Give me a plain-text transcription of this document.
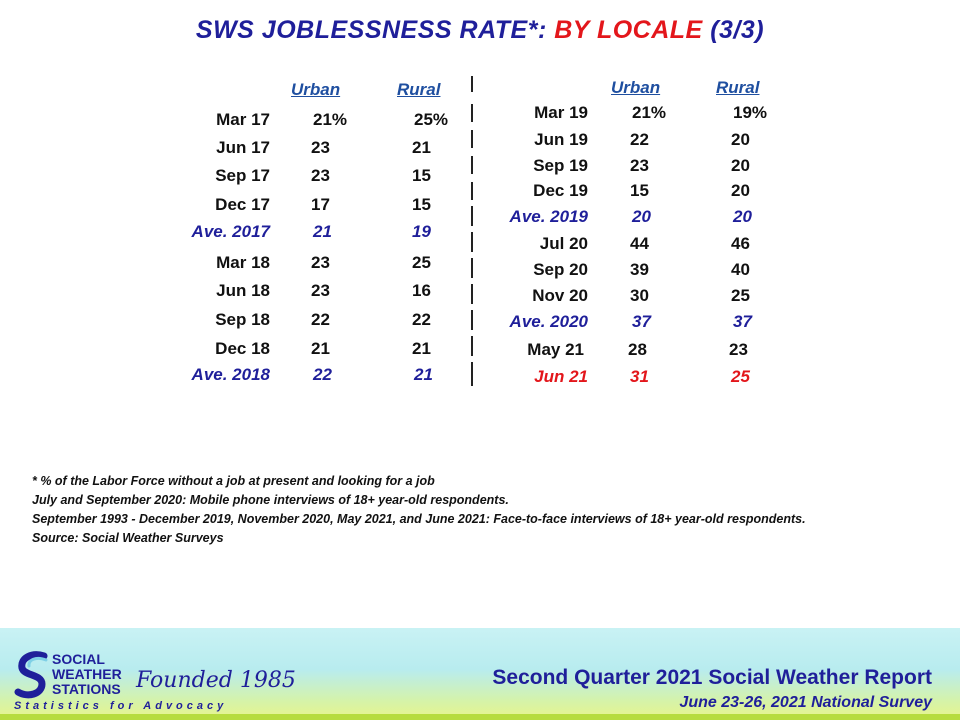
SWS JOBLESSNESS RATE*: BY LOCALE (3/3)
Urban	Rural	Urban	Rural
Mar 17	21%	25%
Jun 17 23	21
Sep 17 23	15
Dec 17 17	15
Ave. 2017	21	19
Mar 18 23	25
Jun 18 23	16
Sep 18 22	22
Dec 18 21	21
Ave. 2018	22	21
Mar 19	21%	19%
Jun 19 22	20
Sep 19 23	20
Dec 19 15	20
Ave. 2019	20	20
Jul 20 44	46
Sep 20 39	40
Nov 20 30	25
Ave. 2020	37	37
May 21	28	23
Jun 21 31	25
* % of the Labor Force without a job at present and looking for a job
July and September 2020: Mobile phone interviews of 18+ year-old respondents.
September 1993 - December 2019, November 2020, May 2021, and June 2021: Face-to-face interviews of 18+ year-old respondents.
Source: Social Weather Surveys
SOCIAL
WEATHER
STATIONS Founded 1985
Statistics for Advocacy
Second Quarter 2021 Social Weather Report
June 23-26, 2021 National Survey
